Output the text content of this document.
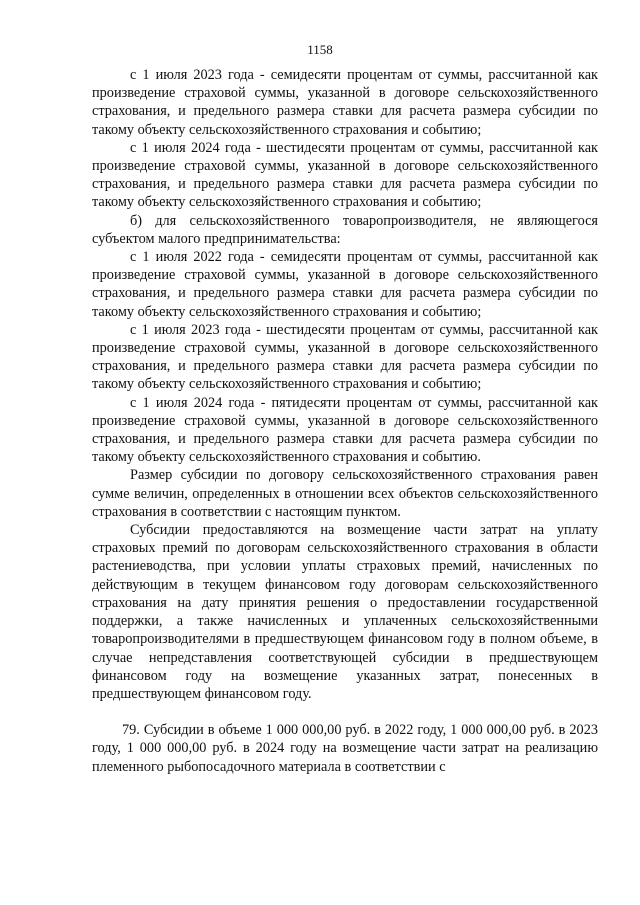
1158

с 1 июля 2023 года - семидесяти процентам от суммы, рассчитанной как произведение страховой суммы, указанной в договоре сельскохозяйственного страхования, и предельного размера ставки для расчета размера субсидии по такому объекту сельскохозяйственного страхования и событию;

с 1 июля 2024 года - шестидесяти процентам от суммы, рассчитанной как произведение страховой суммы, указанной в договоре сельскохозяйственного страхования, и предельного размера ставки для расчета размера субсидии по такому объекту сельскохозяйственного страхования и событию;

б) для сельскохозяйственного товаропроизводителя, не являющегося субъектом малого предпринимательства:

с 1 июля 2022 года - семидесяти процентам от суммы, рассчитанной как произведение страховой суммы, указанной в договоре сельскохозяйственного страхования, и предельного размера ставки для расчета размера субсидии по такому объекту сельскохозяйственного страхования и событию;

с 1 июля 2023 года - шестидесяти процентам от суммы, рассчитанной как произведение страховой суммы, указанной в договоре сельскохозяйственного страхования, и предельного размера ставки для расчета размера субсидии по такому объекту сельскохозяйственного страхования и событию;

с 1 июля 2024 года - пятидесяти процентам от суммы, рассчитанной как произведение страховой суммы, указанной в договоре сельскохозяйственного страхования, и предельного размера ставки для расчета размера субсидии по такому объекту сельскохозяйственного страхования и событию.

Размер субсидии по договору сельскохозяйственного страхования равен сумме величин, определенных в отношении всех объектов сельскохозяйственного страхования в соответствии с настоящим пунктом.

Субсидии предоставляются на возмещение части затрат на уплату страховых премий по договорам сельскохозяйственного страхования в области растениеводства, при условии уплаты страховых премий, начисленных по действующим в текущем финансовом году договорам сельскохозяйственного страхования на дату принятия решения о предоставлении государственной поддержки, а также начисленных и уплаченных сельскохозяйственными товаропроизводителями в предшествующем финансовом году в полном объеме, в случае непредставления соответствующей субсидии в предшествующем финансовом году на возмещение указанных затрат, понесенных в предшествующем финансовом году.

79. Субсидии в объеме 1 000 000,00 руб. в 2022 году, 1 000 000,00 руб. в 2023 году, 1 000 000,00 руб. в 2024 году на возмещение части затрат на реализацию племенного рыбопосадочного материала в соответствии с
